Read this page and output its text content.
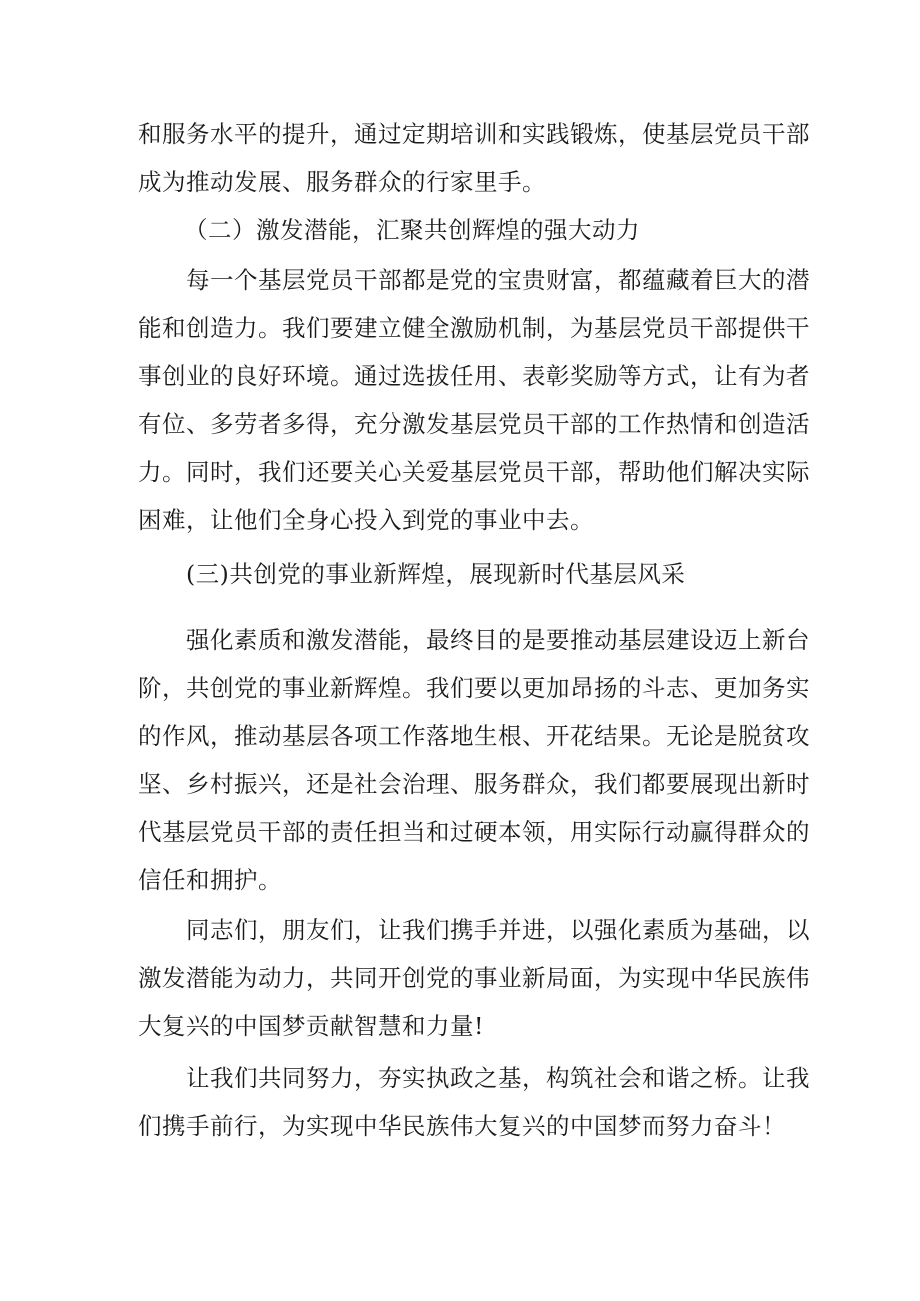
和服务水平的提升，通过定期培训和实践锻炼，使基层党员干部
成为推动发展、服务群众的行家里手。
（二）激发潜能，汇聚共创辉煌的强大动力
每一个基层党员干部都是党的宝贵财富，都蕴藏着巨大的潜
能和创造力。我们要建立健全激励机制，为基层党员干部提供干
事创业的良好环境。通过选拔任用、表彰奖励等方式，让有为者
有位、多劳者多得，充分激发基层党员干部的工作热情和创造活
力。同时，我们还要关心关爱基层党员干部，帮助他们解决实际
困难，让他们全身心投入到党的事业中去。
(三)共创党的事业新辉煌，展现新时代基层风采
强化素质和激发潜能，最终目的是要推动基层建设迈上新台
阶，共创党的事业新辉煌。我们要以更加昂扬的斗志、更加务实
的作风，推动基层各项工作落地生根、开花结果。无论是脱贫攻
坚、乡村振兴，还是社会治理、服务群众，我们都要展现出新时
代基层党员干部的责任担当和过硬本领，用实际行动赢得群众的
信任和拥护。
同志们，朋友们，让我们携手并进，以强化素质为基础，以
激发潜能为动力，共同开创党的事业新局面，为实现中华民族伟
大复兴的中国梦贡献智慧和力量!
让我们共同努力，夯实执政之基，构筑社会和谐之桥。让我
们携手前行，为实现中华民族伟大复兴的中国梦而努力奋斗！
